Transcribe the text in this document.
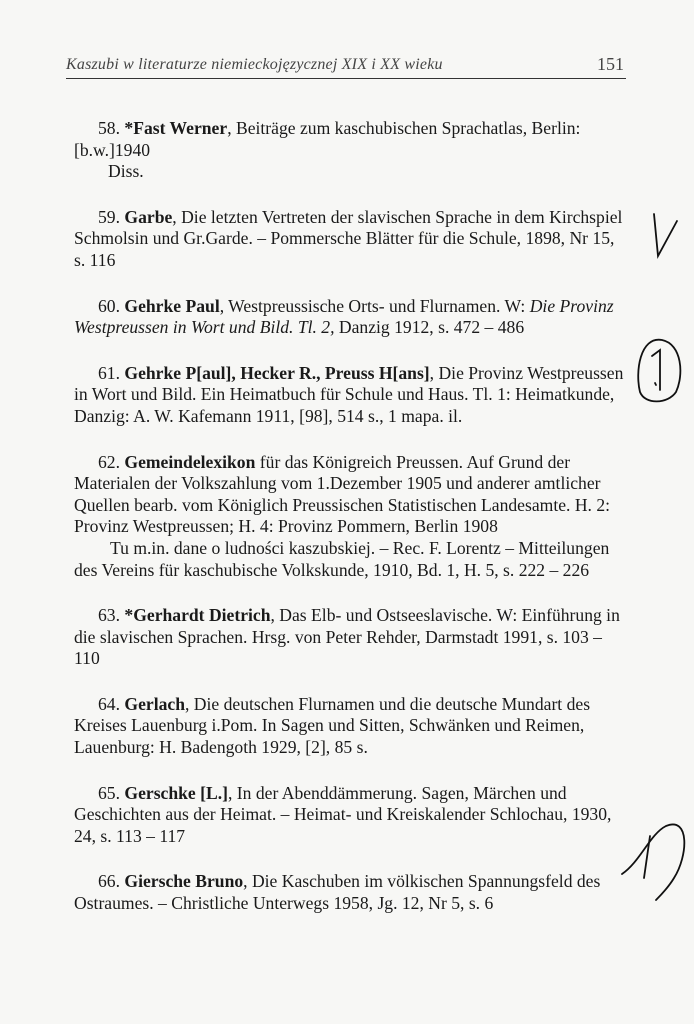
Kaszubi w literaturze niemieckojęzycznej XIX i XX wieku	151
58. *Fast Werner, Beiträge zum kaschubischen Sprachatlas, Berlin: [b.w.]1940
Diss.
59. Garbe, Die letzten Vertreten der slavischen Sprache in dem Kirchspiel Schmolsin und Gr.Garde. – Pommersche Blätter für die Schule, 1898, Nr 15, s. 116
60. Gehrke Paul, Westpreussische Orts- und Flurnamen. W: Die Provinz Westpreussen in Wort und Bild. Tl. 2, Danzig 1912, s. 472 – 486
61. Gehrke P[aul], Hecker R., Preuss H[ans], Die Provinz Westpreussen in Wort und Bild. Ein Heimatbuch für Schule und Haus. Tl. 1: Heimatkunde, Danzig: A. W. Kafemann 1911, [98], 514 s., 1 mapa. il.
62. Gemeindelexikon für das Königreich Preussen. Auf Grund der Materialen der Volkszahlung vom 1.Dezember 1905 und anderer amtlicher Quellen bearb. vom Königlich Preussischen Statistischen Landesamte. H. 2: Provinz Westpreussen; H. 4: Provinz Pommern, Berlin 1908
Tu m.in. dane o ludności kaszubskiej. – Rec. F. Lorentz – Mitteilungen des Vereins für kaschubische Volkskunde, 1910, Bd. 1, H. 5, s. 222 – 226
63. *Gerhardt Dietrich, Das Elb- und Ostseeslavische. W: Einführung in die slavischen Sprachen. Hrsg. von Peter Rehder, Darmstadt 1991, s. 103 – 110
64. Gerlach, Die deutschen Flurnamen und die deutsche Mundart des Kreises Lauenburg i.Pom. In Sagen und Sitten, Schwänken und Reimen, Lauenburg: H. Badengoth 1929, [2], 85 s.
65. Gerschke [L.], In der Abenddämmerung. Sagen, Märchen und Geschichten aus der Heimat. – Heimat- und Kreiskalender Schlochau, 1930, 24, s. 113 – 117
66. Giersche Bruno, Die Kaschuben im völkischen Spannungsfeld des Ostraumes. – Christliche Unterwegs 1958, Jg. 12, Nr 5, s. 6
